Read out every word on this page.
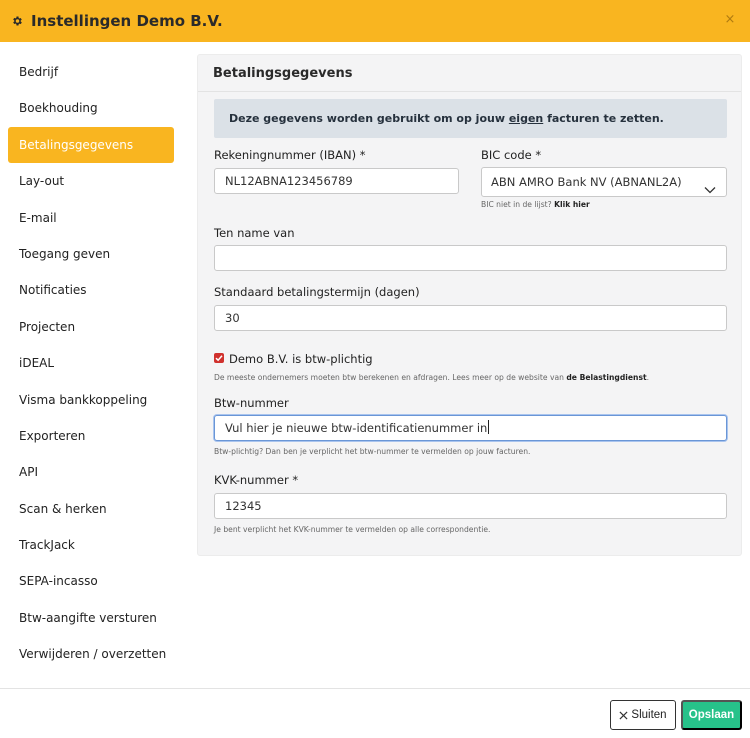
Instellingen Demo B.V.	×
Bedrijf
Boekhouding
Betalingsgegevens
Lay-out
E-mail
Toegang geven
Notificaties
Projecten
iDEAL
Visma bankkoppeling
Exporteren
API
Scan & herken
TrackJack
SEPA-incasso
Btw-aangifte versturen
Verwijderen / overzetten
Betalingsgegevens
Deze gegevens worden gebruikt om op jouw eigen facturen te zetten.
Rekeningnummer (IBAN) *
NL12ABNA123456789
BIC code *
ABN AMRO Bank NV (ABNANL2A)
BIC niet in de lijst? Klik hier
Ten name van
Standaard betalingstermijn (dagen)
30
Demo B.V. is btw-plichtig
De meeste ondernemers moeten btw berekenen en afdragen. Lees meer op de website van de Belastingdienst.
Btw-nummer
Vul hier je nieuwe btw-identificatienummer in
Btw-plichtig? Dan ben je verplicht het btw-nummer te vermelden op jouw facturen.
KVK-nummer *
12345
Je bent verplicht het KVK-nummer te vermelden op alle correspondentie.
Sluiten	Opslaan
